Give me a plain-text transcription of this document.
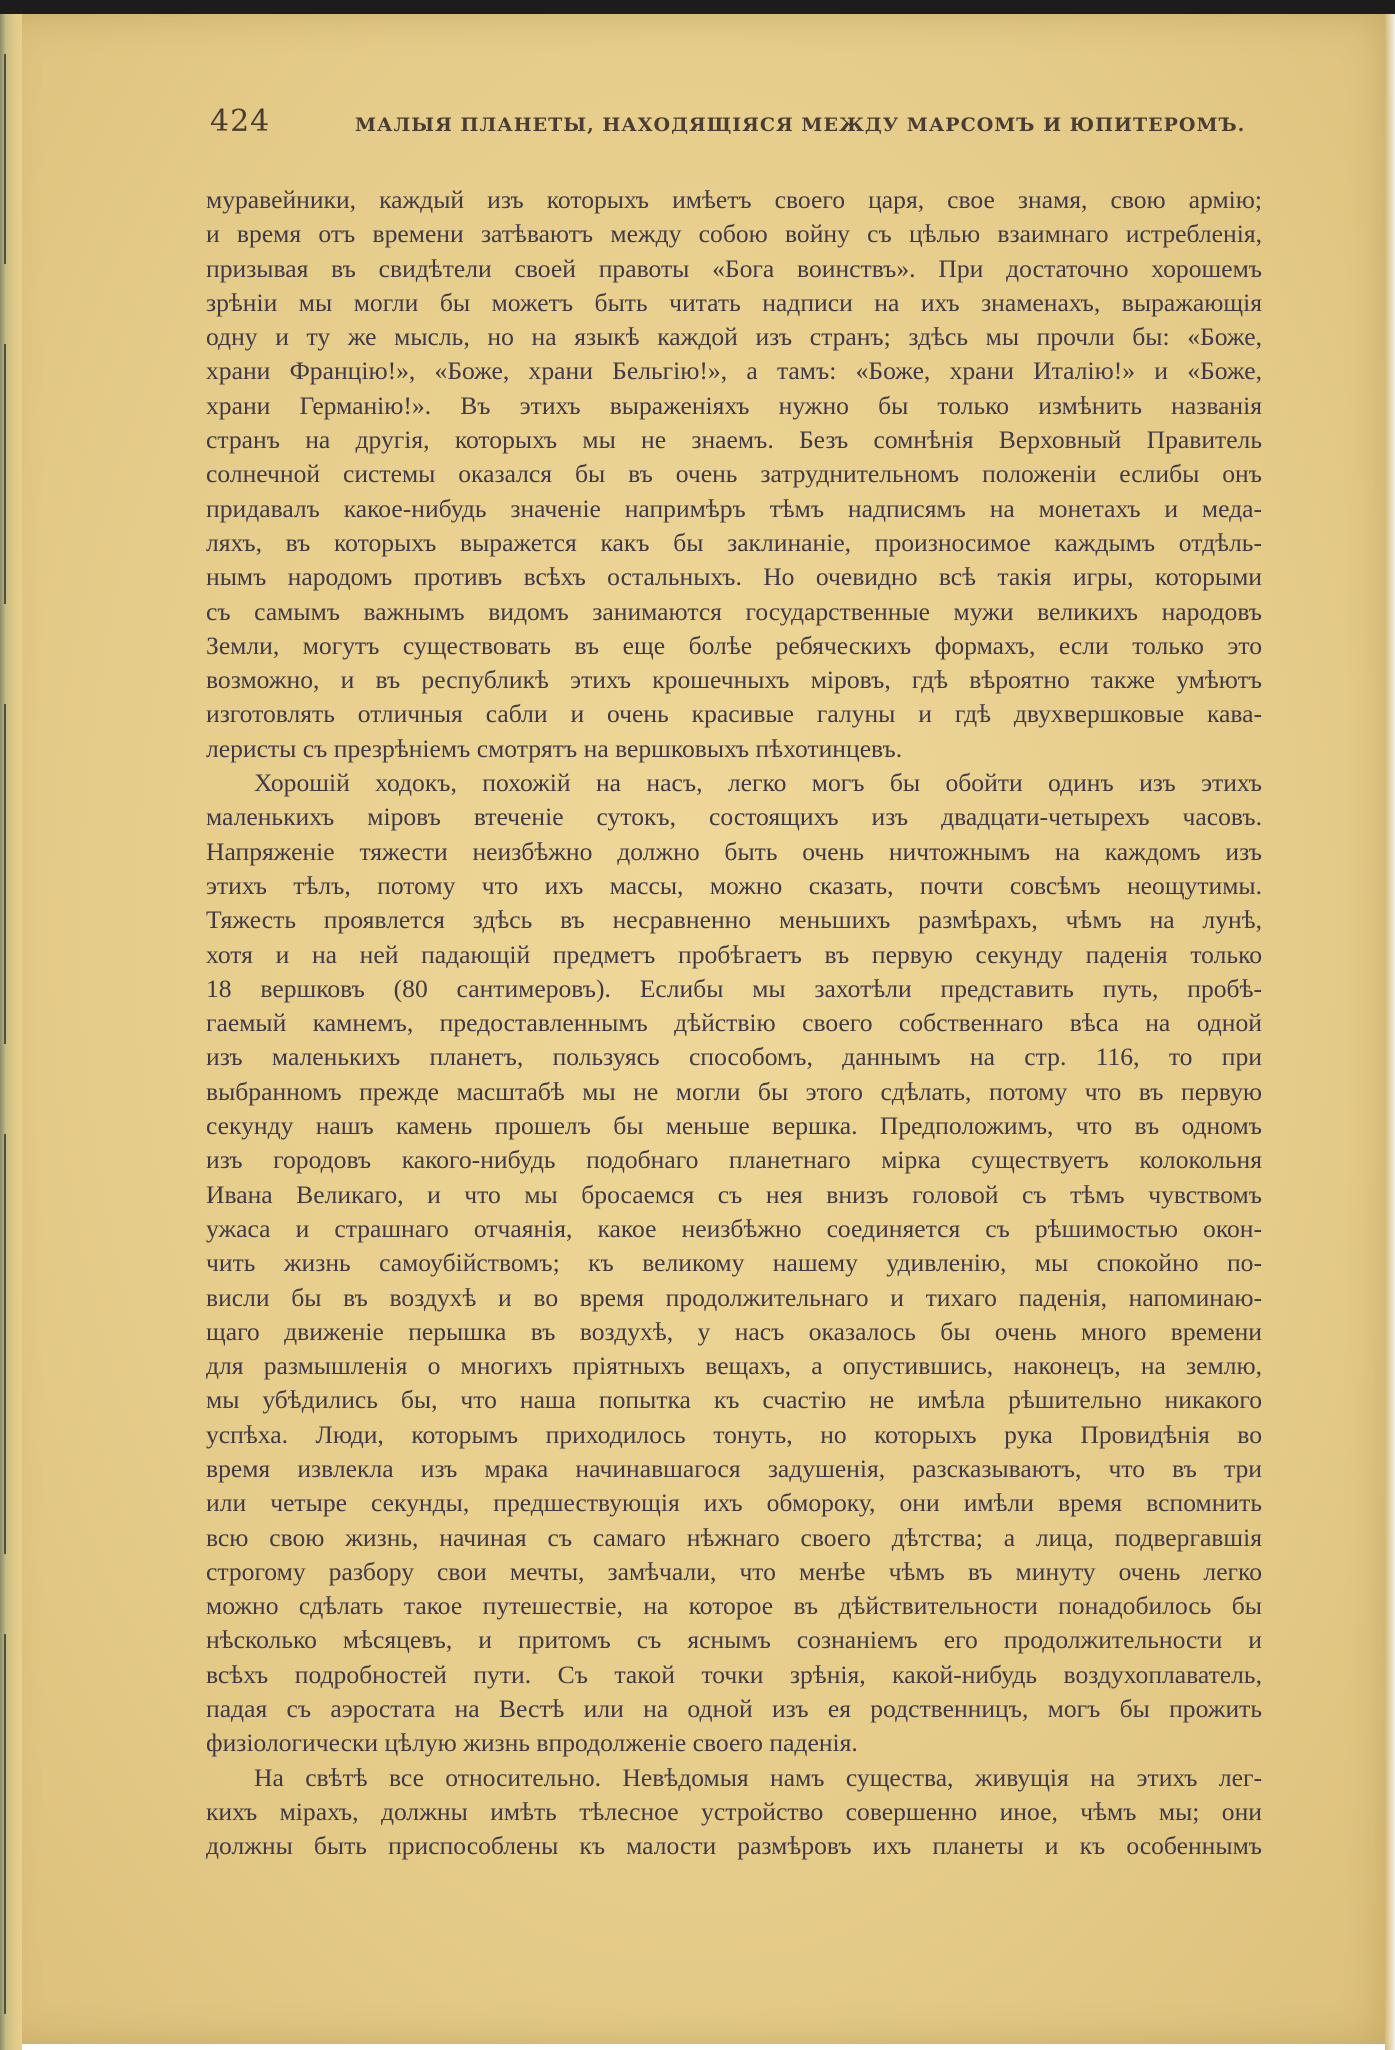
424	МАЛЫЯ ПЛАНЕТЫ, НАХОДЯЩІЯСЯ МЕЖДУ МАРСОМЪ И ЮПИТЕРОМЪ.
муравейники, каждый изъ которыхъ имѣетъ своего царя, свое знамя, свою армію;
и время отъ времени затѣваютъ между собою войну съ цѣлью взаимнаго истребленія,
призывая въ свидѣтели своей правоты «Бога воинствъ». При достаточно хорошемъ
зрѣніи мы могли бы можетъ быть читать надписи на ихъ знаменахъ, выражающія
одну и ту же мысль, но на языкѣ каждой изъ странъ; здѣсь мы прочли бы: «Боже,
храни Францію!», «Боже, храни Бельгію!», а тамъ: «Боже, храни Италію!» и «Боже,
храни Германію!». Въ этихъ выраженіяхъ нужно бы только измѣнить названія
странъ на другія, которыхъ мы не знаемъ. Безъ сомнѣнія Верховный Правитель
солнечной системы оказался бы въ очень затруднительномъ положеніи еслибы онъ
придавалъ какое-нибудь значеніе напримѣръ тѣмъ надписямъ на монетахъ и меда-
ляхъ, въ которыхъ выражется какъ бы заклинаніе, произносимое каждымъ отдѣль-
нымъ народомъ противъ всѣхъ остальныхъ. Но очевидно всѣ такія игры, которыми
съ самымъ важнымъ видомъ занимаются государственные мужи великихъ народовъ
Земли, могутъ существовать въ еще болѣе ребяческихъ формахъ, если только это
возможно, и въ республикѣ этихъ крошечныхъ міровъ, гдѣ вѣроятно также умѣютъ
изготовлять отличныя сабли и очень красивые галуны и гдѣ двухвершковые кава-
леристы съ презрѣніемъ смотрятъ на вершковыхъ пѣхотинцевъ.
Хорошій ходокъ, похожій на насъ, легко могъ бы обойти одинъ изъ этихъ
маленькихъ міровъ втеченіе сутокъ, состоящихъ изъ двадцати-четырехъ часовъ.
Напряженіе тяжести неизбѣжно должно быть очень ничтожнымъ на каждомъ изъ
этихъ тѣлъ, потому что ихъ массы, можно сказать, почти совсѣмъ неощутимы.
Тяжесть проявлется здѣсь въ несравненно меньшихъ размѣрахъ, чѣмъ на лунѣ,
хотя и на ней падающій предметъ пробѣгаетъ въ первую секунду паденія только
18 вершковъ (80 сантимеровъ). Еслибы мы захотѣли представить путь, пробѣ-
гаемый камнемъ, предоставленнымъ дѣйствію своего собственнаго вѣса на одной
изъ маленькихъ планетъ, пользуясь способомъ, даннымъ на стр. 116, то при
выбранномъ прежде масштабѣ мы не могли бы этого сдѣлать, потому что въ первую
секунду нашъ камень прошелъ бы меньше вершка. Предположимъ, что въ одномъ
изъ городовъ какого-нибудь подобнаго планетнаго міpка существуетъ колокольня
Ивана Великаго, и что мы бросаемся съ нея внизъ головой съ тѣмъ чувствомъ
ужаса и страшнаго отчаянія, какое неизбѣжно соединяется съ рѣшимостью окон-
чить жизнь самоубійствомъ; къ великому нашему удивленію, мы спокойно по-
висли бы въ воздухѣ и во время продолжительнаго и тихаго паденія, напоминаю-
щаго движеніе перышка въ воздухѣ, у насъ оказалось бы очень много времени
для размышленія о многихъ пріятныхъ вещахъ, а опустившись, наконецъ, на землю,
мы убѣдились бы, что наша попытка къ счастію не имѣла рѣшительно никакого
успѣха. Люди, которымъ приходилось тонуть, но которыхъ рука Провидѣнія во
время извлекла изъ мрака начинавшагося задушенія, разсказываютъ, что въ три
или четыре секунды, предшествующія ихъ обмороку, они имѣли время вспомнить
всю свою жизнь, начиная съ самаго нѣжнаго своего дѣтства; а лица, подвергавшія
строгому разбору свои мечты, замѣчали, что менѣе чѣмъ въ минуту очень легко
можно сдѣлать такое путешествіе, на которое въ дѣйствительности понадобилось бы
нѣсколько мѣсяцевъ, и притомъ съ яснымъ сознаніемъ его продолжительности и
всѣхъ подробностей пути. Съ такой точки зрѣнія, какой-нибудь воздухоплаватель,
падая съ аэростата на Вестѣ или на одной изъ ея родственницъ, могъ бы прожить
физіологически цѣлую жизнь впродолженіе своего паденія.
На свѣтѣ все относительно. Невѣдомыя намъ существа, живущія на этихъ лег-
кихъ мірахъ, должны имѣть тѣлесное устройство совершенно иное, чѣмъ мы; они
должны быть приспособлены къ малости размѣровъ ихъ планеты и къ особеннымъ
